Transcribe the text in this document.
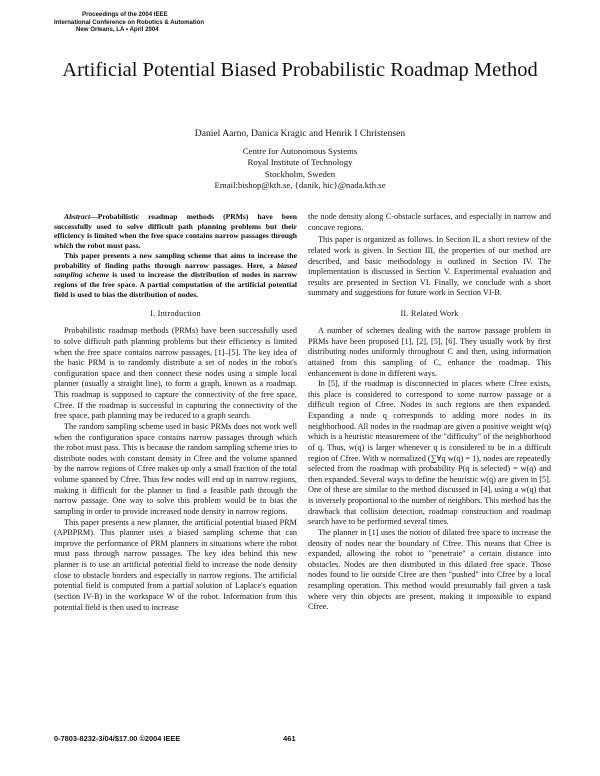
Proceedings of the 2004 IEEE
International Conference on Robotics & Automation
New Orleans, LA • April 2004
Artificial Potential Biased Probabilistic Roadmap Method
Daniel Aarno, Danica Kragic and Henrik I Christensen
Centre for Autonomous Systems
Royal Institute of Technology
Stockholm, Sweden
Email:bishop@kth.se, {danik, hic}@nada.kth.se

Abstract—Probabilistic roadmap methods (PRMs) have been successfully used to solve difficult path planning problems but their efficiency is limited when the free space contains narrow passages through which the robot must pass.

This paper presents a new sampling scheme that aims to increase the probability of finding paths through narrow passages. Here, a biased sampling scheme is used to increase the distribution of nodes in narrow regions of the free space. A partial computation of the artificial potential field is used to bias the distribution of nodes.

I. Introduction

Probabilistic roadmap methods (PRMs) have been successfully used to solve difficult path planning problems but their efficiency is limited when the free space contains narrow passages, [1]–[5]. The key idea of the basic PRM is to randomly distribute a set of nodes in the robot's configuration space and then connect these nodes using a simple local planner (usually a straight line), to form a graph, known as a roadmap. This roadmap is supposed to capture the connectivity of the free space, Cfree. If the roadmap is successful in capturing the connectivity of the free space, path planning may be reduced to a graph search.

The random sampling scheme used in basic PRMs does not work well when the configuration space contains narrow passages through which the robot must pass. This is because the random sampling scheme tries to distribute nodes with constant density in Cfree and the volume spanned by the narrow regions of Cfree makes up only a small fraction of the total volume spanned by Cfree. Thus few nodes will end up in narrow regions, making it difficult for the planner to find a feasible path through the narrow passage. One way to solve this problem would be to bias the sampling in order to provide increased node density in narrow regions.

This paper presents a new planner, the artificial potential biased PRM (APBPRM). This planner uses a biased sampling scheme that can improve the performance of PRM planners in situations where the robot must pass through narrow passages. The key idea behind this new planner is to use an artificial potential field to increase the node density close to obstacle borders and especially in narrow regions. The artificial potential field is computed from a partial solution of Laplace's equation (section IV-B) in the workspace W of the robot. Information from this potential field is then used to increase

the node density along C-obstacle surfaces, and especially in narrow and concave regions.

This paper is organized as follows. In Section II, a short review of the related work is given. In Section III, the properties of our method are described, and basic methodology is outlined in Section IV. The implementation is discussed in Section V. Experimental evaluation and results are presented in Section VI. Finally, we conclude with a short summary and suggestions for future work in Section VI-B.

II. Related Work

A number of schemes dealing with the narrow passage problem in PRMs have been proposed [1], [2], [5], [6]. They usually work by first distributing nodes uniformly throughout C and then, using information attained from this sampling of C, enhance the roadmap. This enhancement is done in different ways.

In [5], if the roadmap is disconnected in places where Cfree exists, this place is considered to correspond to some narrow passage or a difficult region of Cfree. Nodes in such regions are then expanded. Expanding a node q corresponds to adding more nodes in its neighborhood. All nodes in the roadmap are given a positive weight w(q) which is a heuristic measurement of the "difficulty" of the neighborhood of q. Thus, w(q) is larger whenever q is considered to be in a difficult region of Cfree. With w normalized (∑∀q w(q) = 1), nodes are repeatedly selected from the roadmap with probability P(q is selected) = w(q) and then expanded. Several ways to define the heuristic w(q) are given in [5]. One of these are similar to the method discussed in [4], using a w(q) that is inversely proportional to the number of neighbors. This method has the drawback that collision detection, roadmap construction and roadmap search have to be performed several times.

The planner in [1] uses the notion of dilated free space to increase the density of nodes near the boundary of Cfree. This means that Cfree is expanded, allowing the robot to "penetrate" a certain distance into obstacles. Nodes are then distributed in this dilated free space. Those nodes found to lie outside Cfree are then "pushed" into Cfree by a local resampling operation. This method would presumably fail given a task where very thin objects are present, making it impossible to expand Cfree.

0-7803-8232-3/04/$17.00 ©2004 IEEE	461
